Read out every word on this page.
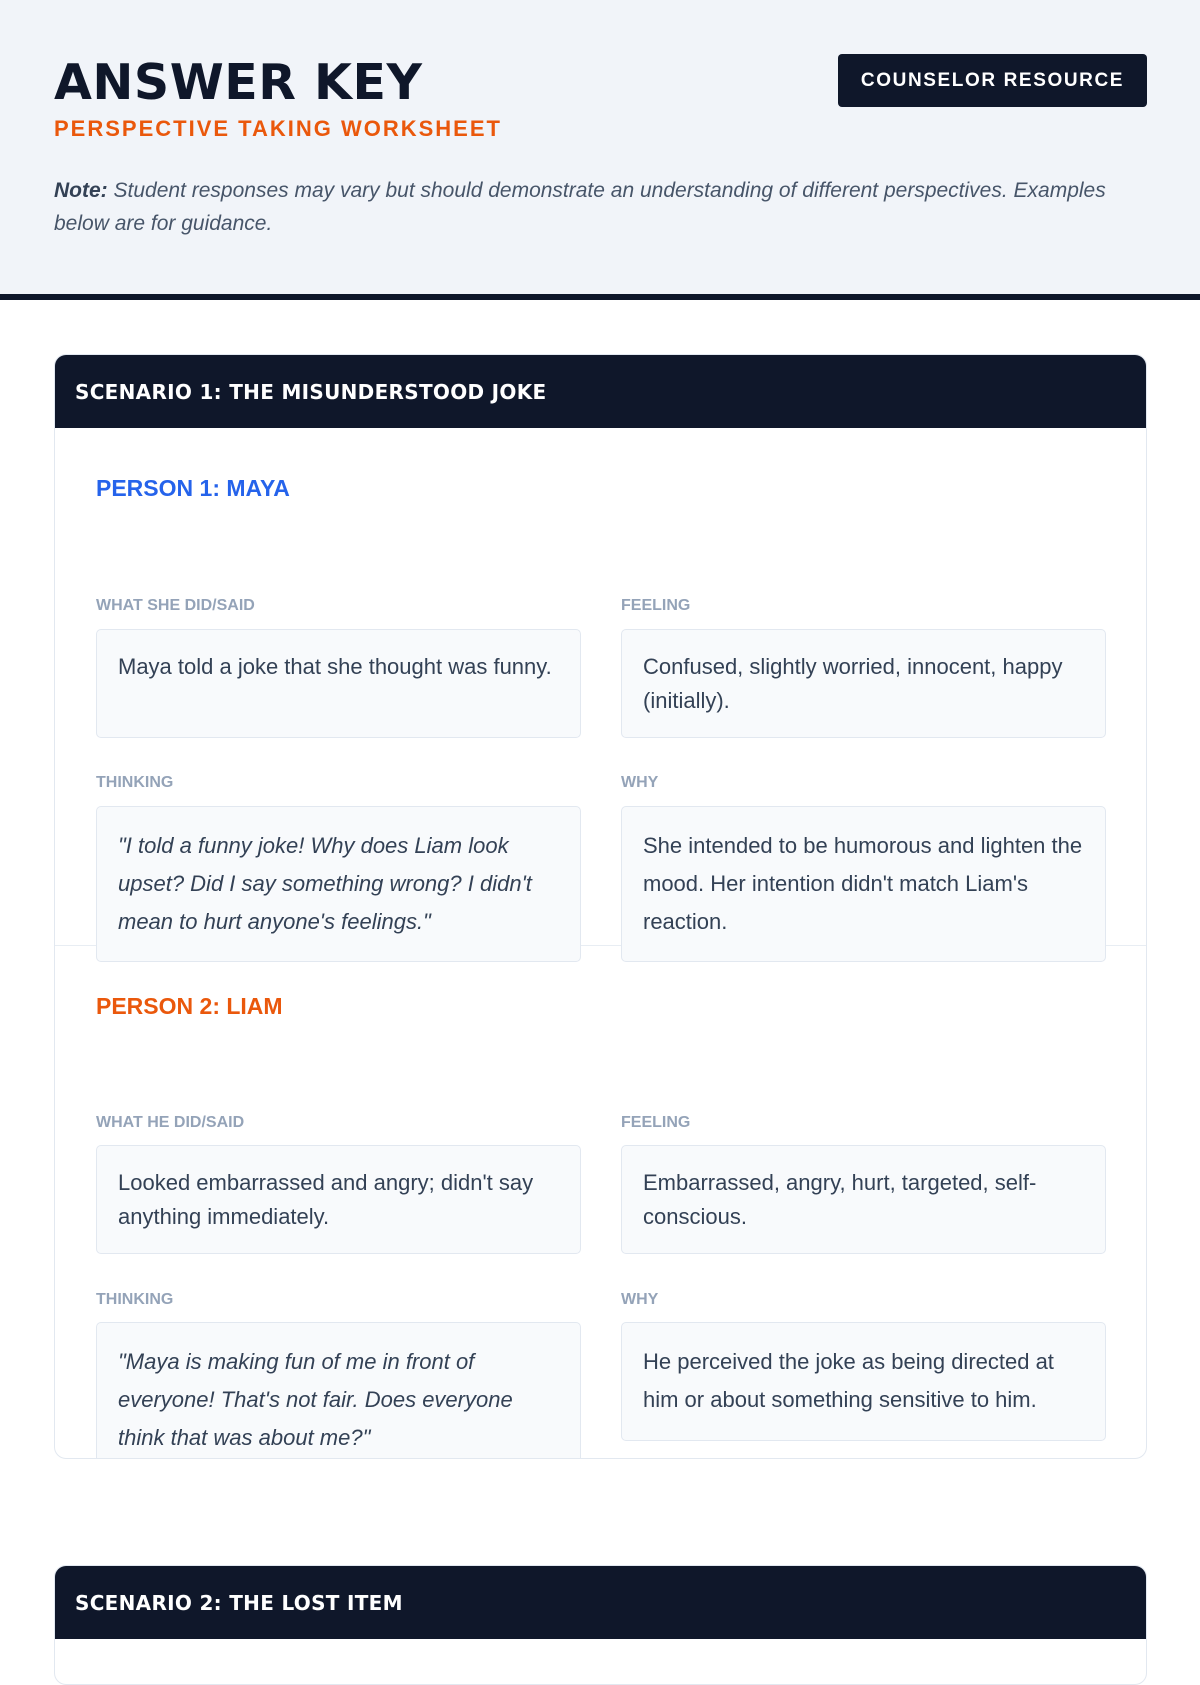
ANSWER KEY
PERSPECTIVE TAKING WORKSHEET
COUNSELOR RESOURCE

Note: Student responses may vary but should demonstrate an understanding of different perspectives. Examples below are for guidance.

SCENARIO 1: THE MISUNDERSTOOD JOKE
PERSON 1: MAYA
WHAT SHE DID/SAID
Maya told a joke that she thought was funny.
FEELING
Confused, slightly worried, innocent, happy (initially).
THINKING
"I told a funny joke! Why does Liam look upset? Did I say something wrong? I didn't mean to hurt anyone's feelings."
WHY
She intended to be humorous and lighten the mood. Her intention didn't match Liam's reaction.
PERSON 2: LIAM
WHAT HE DID/SAID
Looked embarrassed and angry; didn't say anything immediately.
FEELING
Embarrassed, angry, hurt, targeted, self-conscious.
THINKING
"Maya is making fun of me in front of everyone! That's not fair. Does everyone think that was about me?"
WHY
He perceived the joke as being directed at him or about something sensitive to him.
SCENARIO 2: THE LOST ITEM
